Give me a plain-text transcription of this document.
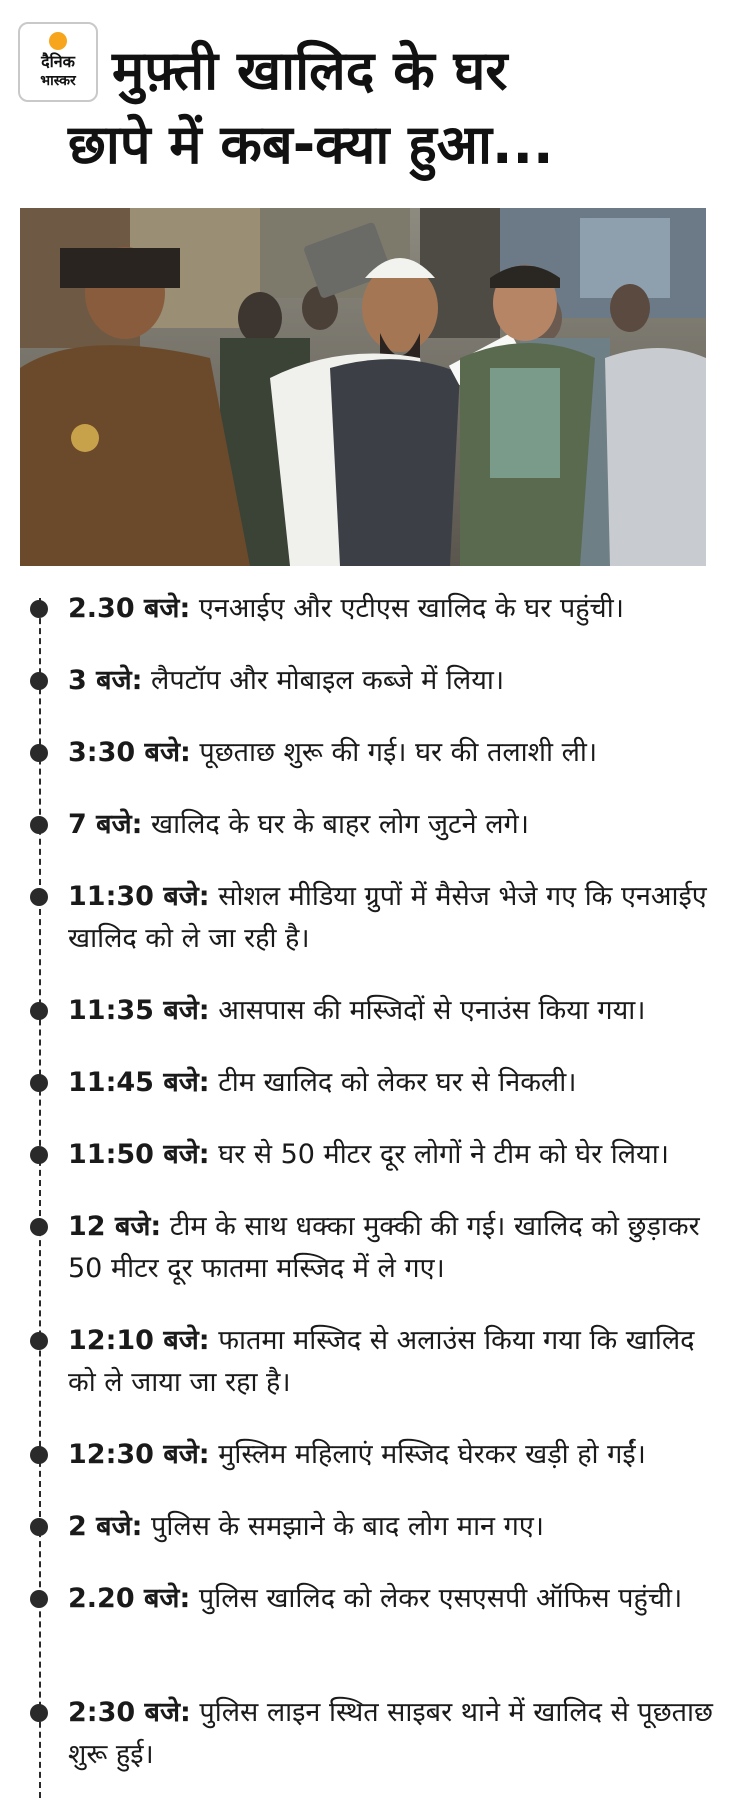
दैनिक
भास्कर मुफ़्ती खालिद के घर
छापे में कब-क्या हुआ...
2.30 बजे: एनआईए और एटीएस खालिद के घर पहुंची।
3 बजे: लैपटॉप और मोबाइल कब्जे में लिया।
3:30 बजे: पूछताछ शुरू की गई। घर की तलाशी ली।
7 बजे: खालिद के घर के बाहर लोग जुटने लगे।
11:30 बजे: सोशल मीडिया ग्रुपों में मैसेज भेजे गए कि एनआईए खालिद को ले जा रही है।
11:35 बजे: आसपास की मस्जिदों से एनाउंस किया गया।
11:45 बजे: टीम खालिद को लेकर घर से निकली।
11:50 बजे: घर से 50 मीटर दूर लोगों ने टीम को घेर लिया।
12 बजे: टीम के साथ धक्का मुक्की की गई। खालिद को छुड़ाकर 50 मीटर दूर फातमा मस्जिद में ले गए।
12:10 बजे: फातमा मस्जिद से अलाउंस किया गया कि खालिद को ले जाया जा रहा है।
12:30 बजे: मुस्लिम महिलाएं मस्जिद घेरकर खड़ी हो गईं।
2 बजे: पुलिस के समझाने के बाद लोग मान गए।
2.20 बजे: पुलिस खालिद को लेकर एसएसपी ऑफिस पहुंची।
2:30 बजे: पुलिस लाइन स्थित साइबर थाने में खालिद से पूछताछ शुरू हुई।
